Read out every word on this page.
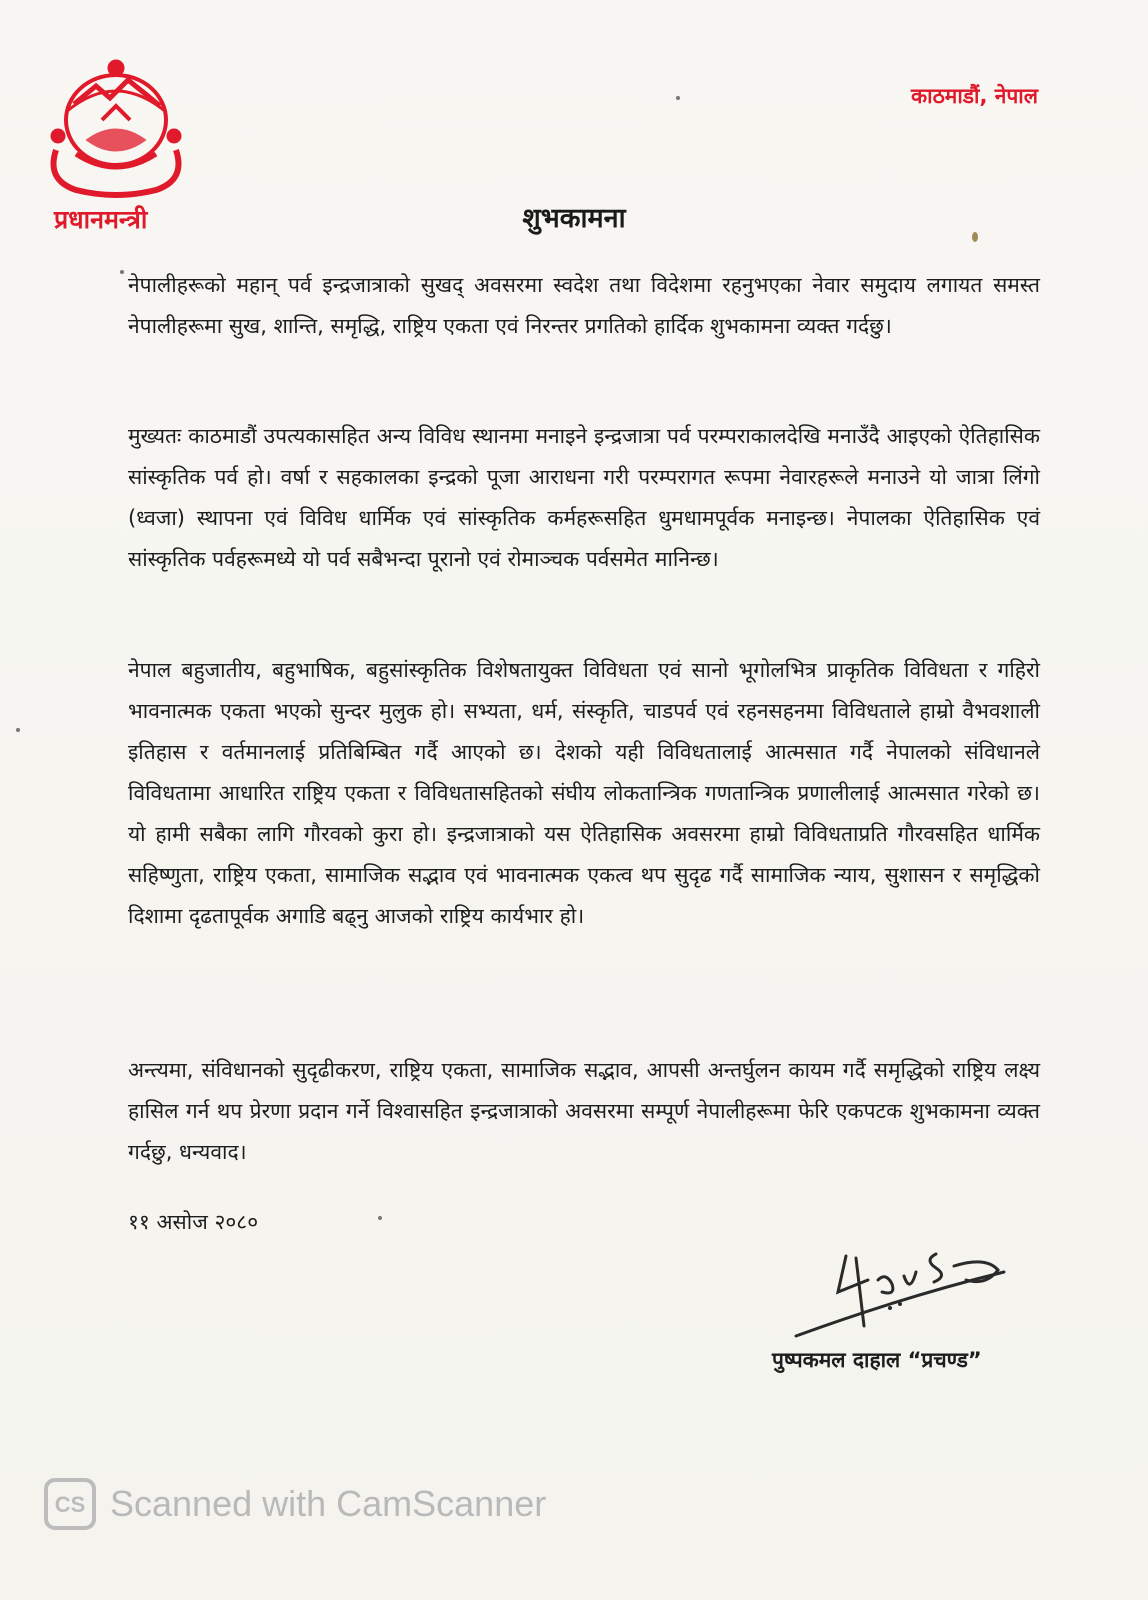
प्रधानमन्त्री
काठमाडौं, नेपाल
शुभकामना

नेपालीहरूको महान् पर्व इन्द्रजात्राको सुखद् अवसरमा स्वदेश तथा विदेशमा रहनुभएका नेवार समुदाय लगायत समस्त नेपालीहरूमा सुख, शान्ति, समृद्धि, राष्ट्रिय एकता एवं निरन्तर प्रगतिको हार्दिक शुभकामना व्यक्त गर्दछु।

मुख्यतः काठमाडौं उपत्यकासहित अन्य विविध स्थानमा मनाइने इन्द्रजात्रा पर्व परम्पराकालदेखि मनाउँदै आइएको ऐतिहासिक सांस्कृतिक पर्व हो। वर्षा र सहकालका इन्द्रको पूजा आराधना गरी परम्परागत रूपमा नेवारहरूले मनाउने यो जात्रा लिंगो (ध्वजा) स्थापना एवं विविध धार्मिक एवं सांस्कृतिक कर्महरूसहित धुमधामपूर्वक मनाइन्छ। नेपालका ऐतिहासिक एवं सांस्कृतिक पर्वहरूमध्ये यो पर्व सबैभन्दा पूरानो एवं रोमाञ्चक पर्वसमेत मानिन्छ।

नेपाल बहुजातीय, बहुभाषिक, बहुसांस्कृतिक विशेषतायुक्त विविधता एवं सानो भूगोलभित्र प्राकृतिक विविधता र गहिरो भावनात्मक एकता भएको सुन्दर मुलुक हो। सभ्यता, धर्म, संस्कृति, चाडपर्व एवं रहनसहनमा विविधताले हाम्रो वैभवशाली इतिहास र वर्तमानलाई प्रतिबिम्बित गर्दै आएको छ। देशको यही विविधतालाई आत्मसात गर्दै नेपालको संविधानले विविधतामा आधारित राष्ट्रिय एकता र विविधतासहितको संघीय लोकतान्त्रिक गणतान्त्रिक प्रणालीलाई आत्मसात गरेको छ। यो हामी सबैका लागि गौरवको कुरा हो। इन्द्रजात्राको यस ऐतिहासिक अवसरमा हाम्रो विविधताप्रति गौरवसहित धार्मिक सहिष्णुता, राष्ट्रिय एकता, सामाजिक सद्भाव एवं भावनात्मक एकत्व थप सुदृढ गर्दै सामाजिक न्याय, सुशासन र समृद्धिको दिशामा दृढतापूर्वक अगाडि बढ्नु आजको राष्ट्रिय कार्यभार हो।

अन्त्यमा, संविधानको सुदृढीकरण, राष्ट्रिय एकता, सामाजिक सद्भाव, आपसी अन्तर्घुलन कायम गर्दै समृद्धिको राष्ट्रिय लक्ष्य हासिल गर्न थप प्रेरणा प्रदान गर्ने विश्वासहित इन्द्रजात्राको अवसरमा सम्पूर्ण नेपालीहरूमा फेरि एकपटक शुभकामना व्यक्त गर्दछु, धन्यवाद।

११ असोज २०८०
पुष्पकमल दाहाल “प्रचण्ड”
CS Scanned with CamScanner
